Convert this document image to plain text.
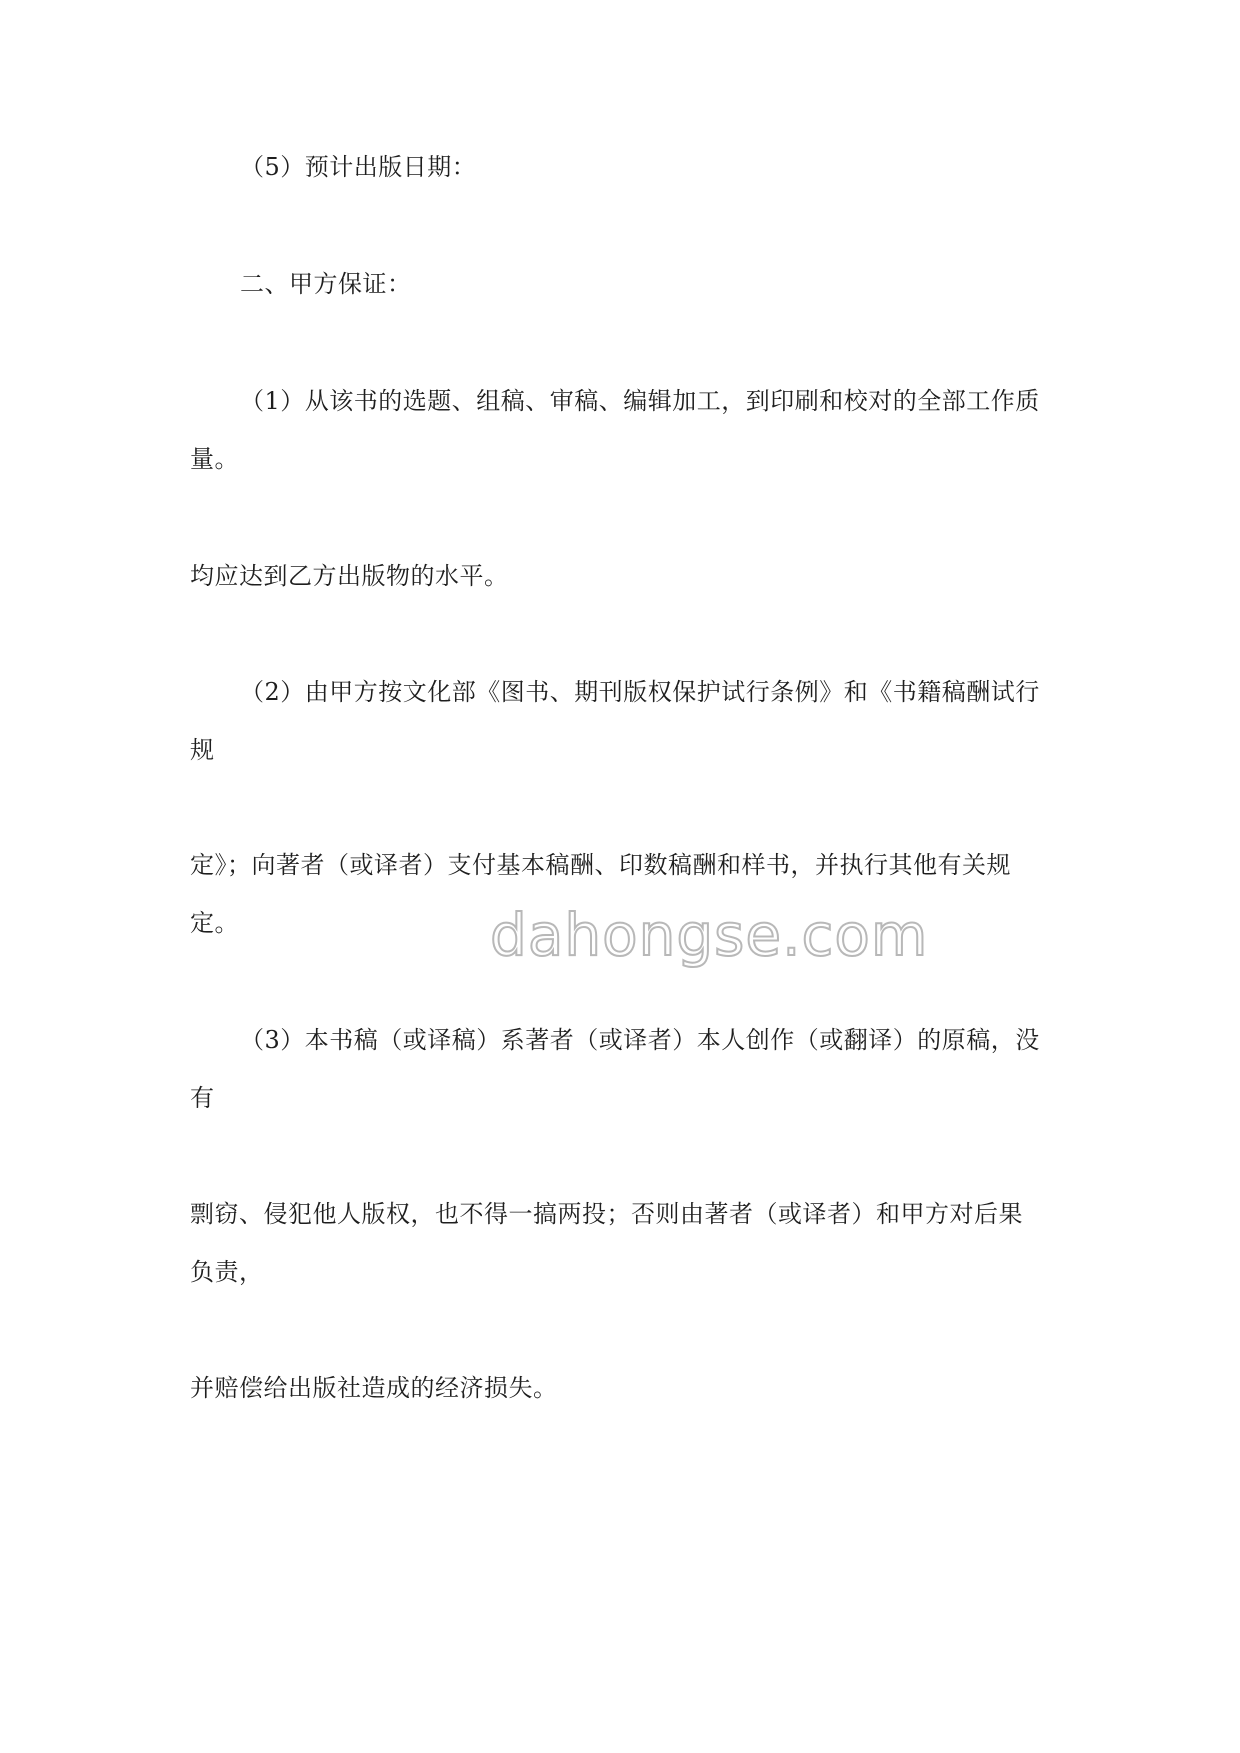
（5）预计出版日期：
二、甲方保证：
（1）从该书的选题、组稿、审稿、编辑加工，到印刷和校对的全部工作质
量。
均应达到乙方出版物的水平。
（2）由甲方按文化部《图书、期刊版权保护试行条例》和《书籍稿酬试行
规
定》；向著者（或译者）支付基本稿酬、印数稿酬和样书，并执行其他有关规
定。
（3）本书稿（或译稿）系著者（或译者）本人创作（或翻译）的原稿，没
有
剽窃、侵犯他人版权，也不得一搞两投；否则由著者（或译者）和甲方对后果
负责，
并赔偿给出版社造成的经济损失。
dahongse.com
